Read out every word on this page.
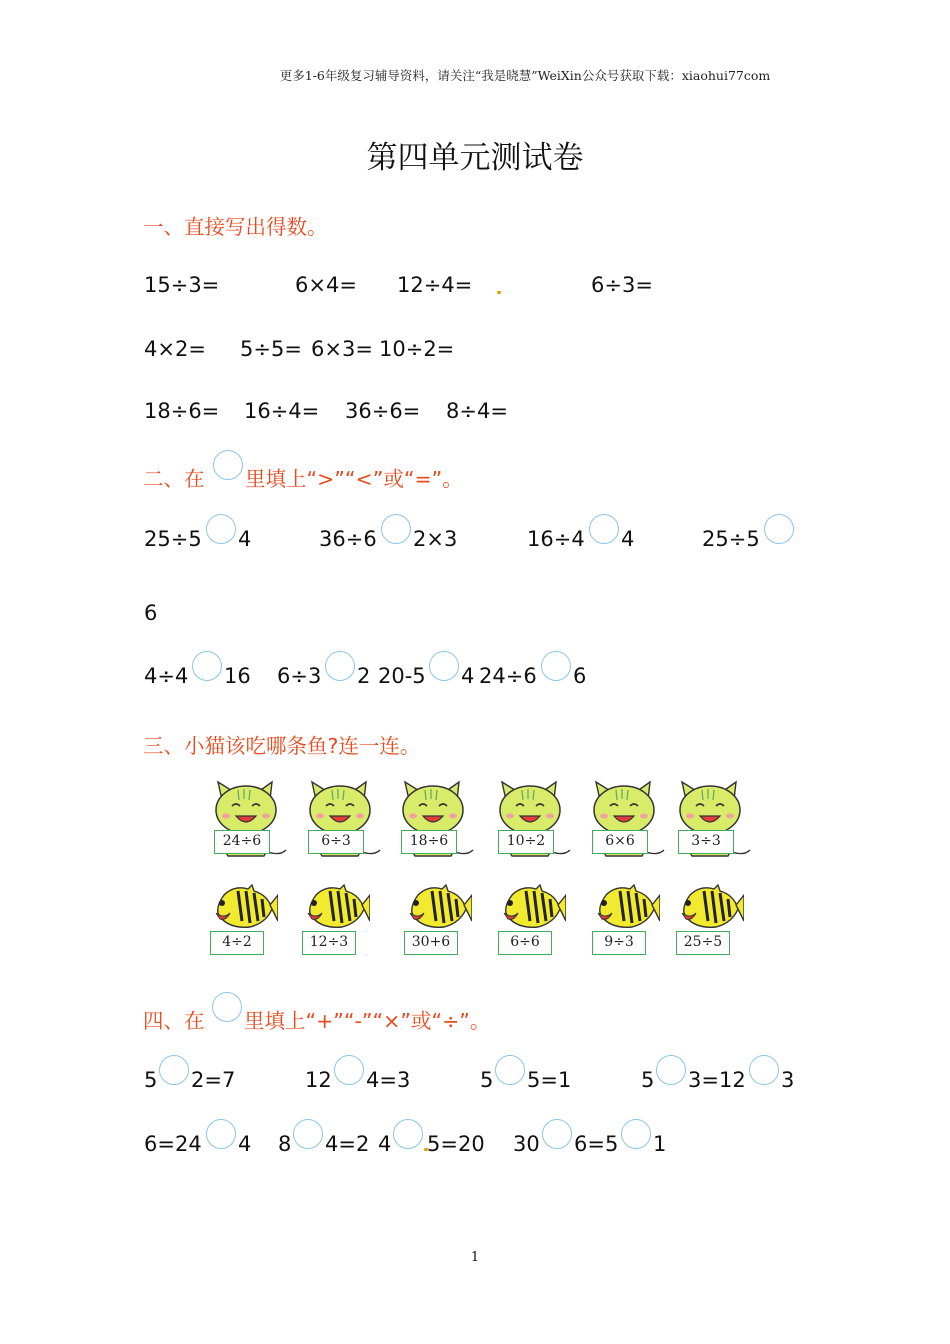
更多1-6年级复习辅导资料，请关注“我是晓慧”WeiXin公众号获取下载：xiaohui77com
第四单元测试卷
一、直接写出得数。
15÷3=	6×4= 12÷4=	6÷3=
4×2= 5÷5= 6×3= 10÷2=
18÷6= 16÷4= 36÷6= 8÷4=
二、在 里填上“>”“<”或“=”。
25÷5 4	36÷6 2×3	16÷4 4	25÷5
6
4÷4 16 6÷3 2 20-5 4 24÷6 6
三、小猫该吃哪条鱼?连一连。
24÷6	6÷3	18÷6	10÷2	6×6	3÷3
4÷2	12÷3	30+6	6÷6	9÷3	25÷5
四、在 里填上“+”“-”“×”或“÷”。
5 2=7	12 4=3	5 5=1	5 3=12 3
6=24 4 8 4=2 4 5=20 30 6=5 1
1
